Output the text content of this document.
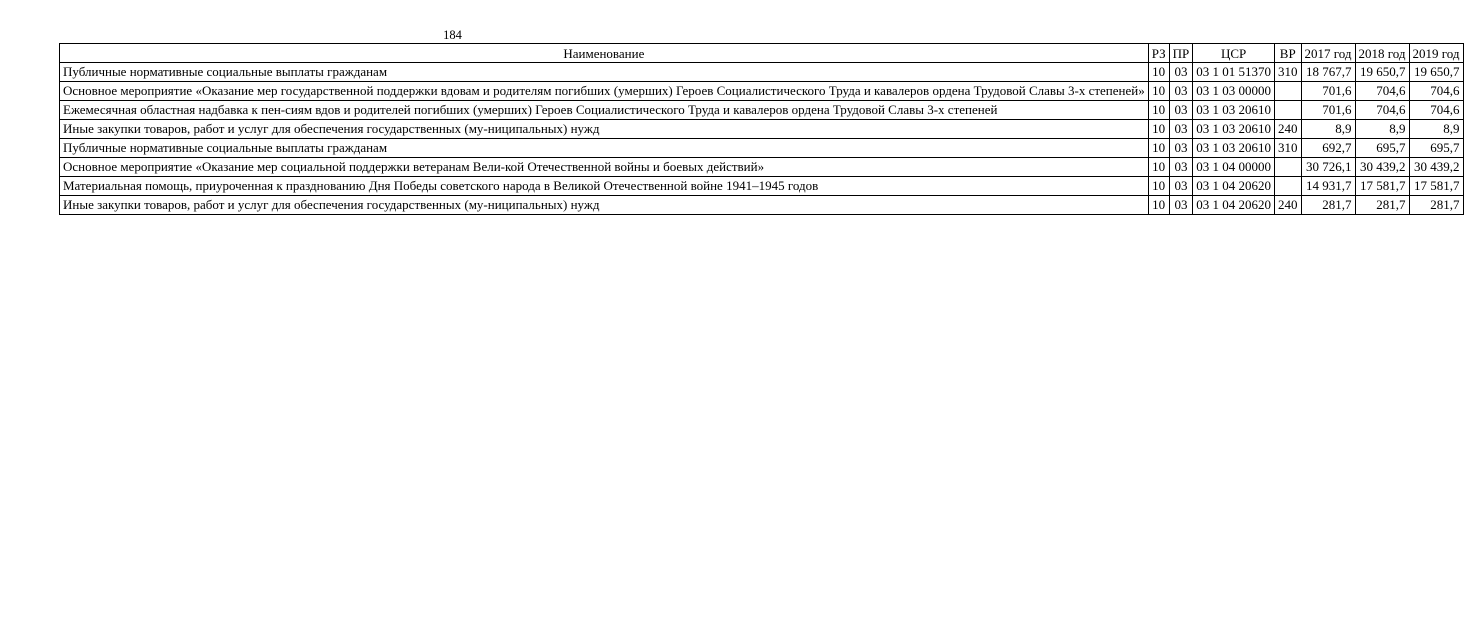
184
Наименование	РЗ	ПР	ЦСР	ВР	2017 год	2018 год	2019 год
Публичные нормативные социальные выплаты гражданам	10	03	03 1 01 51370	310	18 767,7	19 650,7	19 650,7
Основное мероприятие «Оказание мер государственной поддержки вдовам и родителям погибших (умерших) Героев Социалистического Труда и кавалеров ордена Трудовой Славы 3-х степеней»	10	03	03 1 03 00000		701,6	704,6	704,6
Ежемесячная областная надбавка к пен-сиям вдов и родителей погибших (умерших) Героев Социалистического Труда и кавалеров ордена Трудовой Славы 3-х степеней	10	03	03 1 03 20610		701,6	704,6	704,6
Иные закупки товаров, работ и услуг для обеспечения государственных (му-ниципальных) нужд	10	03	03 1 03 20610	240	8,9	8,9	8,9
Публичные нормативные социальные выплаты гражданам	10	03	03 1 03 20610	310	692,7	695,7	695,7
Основное мероприятие «Оказание мер социальной поддержки ветеранам Вели-кой Отечественной войны и боевых действий»	10	03	03 1 04 00000		30 726,1	30 439,2	30 439,2
Материальная помощь, приуроченная к празднованию Дня Победы советского народа в Великой Отечественной войне 1941–1945 годов	10	03	03 1 04 20620		14 931,7	17 581,7	17 581,7
Иные закупки товаров, работ и услуг для обеспечения государственных (му-ниципальных) нужд	10	03	03 1 04 20620	240	281,7	281,7	281,7
